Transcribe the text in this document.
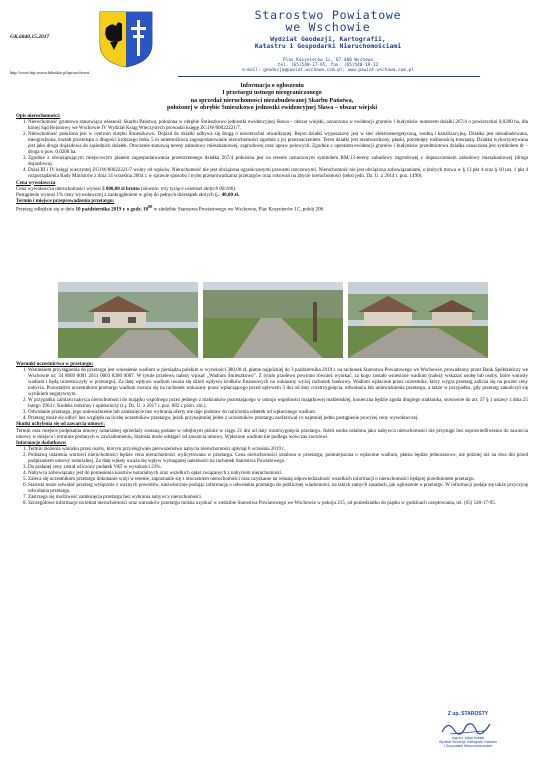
GK.6840.15.2017
http://www.bip.wsiwa.lubuskie.pl/sprawchowa/
Starostwo Powiatowe
we Wschowie
Wydział Geodezji, Kartografii,
Katastru i Gospodarki Nieruchomościami
Plac Kosynierów 1c, 67-400 Wschowa
tel. (65)540-17-95, fax. (65)540-19-32
e-mail: geodezja@powiat.wschowa.com.pl; www.powiat.wschowa.com.pl
Informacja o ogłoszeniu
I przetargu ustnego nieograniczonego
na sprzedaż nieruchomości niezabudowanej Skarbu Państwa,
położonej w obrębie Śmieszkowo jednostki ewidencyjnej Sława – obszar wiejski
Opis nieruchomości:
1. Nieruchomość gruntowa stanowiąca własność Skarbu Państwa, położona w obrębie Śmieszkowo jednostki ewidencyjnej Sława – obszar wiejski, oznaczona w ewidencji gruntów i budynków numerem działki 267/4 o powierzchni 0,0200 ha, dla której Sąd Rejonowy we Wschowie IV Wydział Ksiąg Wieczystych prowadzi księgę ZG1W/00022221/7.
2. Nieruchomość położona jest w centrum obrębu Śmieszkowo. Dojazd do działki odbywa się drogą o nawierzchni utwardzonej. Rejon działki wyposażony jest w sieć elektroenergetyczną, wodną i kanalizacyjną. Działka jest niezabudowana, nieogrodzona, kształt prostokąta o długości krótszego boku 5 m uniemożliwia zagospodarowanie nieruchomości zgodnie z jej przeznaczeniem. Teren działki jest nieutwardzony, płaski, porośnięty roślinnością trawiastą. Działka wykorzystywana jest jako droga dojazdowa do sąsiednich działek. Otoczenie stanowią tereny zabudowy mieszkaniowej, zagrodowej oraz upraw polowych. Zgodnie z operatem ewidencji gruntów i budynków przedmiotowa działka oznaczona jest symbolem dr – droga o pow. 0,0200 ha.
3. Zgodnie z obowiązującym miejscowym planem zagospodarowania przestrzennego działka 267/4 położona jest na terenie oznaczonym symbolem RM/13-tereny zabudowy zagrodowej z dopuszczeniem zabudowy mieszkaniowej (droga dojazdowa).
4. Dział III i IV księgi wieczystej ZG1W/00022221/7 wolny od wpisów. Nieruchomość nie jest obciążona ograniczonymi prawami rzeczowymi. Nieruchomość nie jest obciążona zobowiązaniami, o których mowa w § 13 pkt 4 oraz § 10 ust. 1 pkt 4 rozporządzenia Rady Ministrów z dnia 14 września 2004 r. w sprawie sposobu i trybu przeprowadzania przetargów oraz rokowań na zbycie nieruchomości (tekst jedn. Dz. U. z 2014 r. poz. 1490).
Cena wywoławcza

Cena wywoławcza nieruchomości wynosi 3 800,00 zł brutto (słownie: trzy tysiące osiemset złotych 00/100).

Postąpienie wynosi 1% ceny wywoławczej z zaokrągleniem w górę do pełnych dziesiątek złotych tj.: 40,00 zł.

Termin i miejsce przeprowadzenia przetargu:

Przetarg odbędzie się w dniu 10 października 2019 r. o godz. $10^{00}$ w siedzibie Starostwa Powiatowego we Wschowie, Plac Kosynierów 1C, pokój 206.

Warunki uczestnictwa w przetargu:
1. Warunkiem przystąpienia do przetargu jest wniesienie wadium w pieniądzu polskim w wysokości 380,00 zł, płatne najpóźniej do 3 października 2019 r. na rachunek Starostwa Powiatowego we Wschowie, prowadzony przez Bank Spółdzielczy we Wschowie nr: 34 8669 0001 2011 0003 8380 0007. W tytule przelewu należy wpisać „Wadium Śmieszkowo”. Z tytułu przelewu powinno również wynikać, za kogo zostało wniesione wadium (należy wskazać osobę lub osoby, które wniosły wadium i będą uczestniczyły w przetargu). Za datę wpływu wadium uważa się dzień wpływu środków finansowych na wskazany wyżej rachunek bankowy. Wadium wpłacone przez uczestnika, który wygra przetarg zalicza się na poczet ceny nabycia. Pozostałym uczestnikom przetargu wadium zwraca się na rachunek wskazany przez wpłacającego przed upływem 3 dni od daty rozstrzygnięcia, odwołania lub unieważnienia przetargu, a także w przypadku, gdy przetarg zakończył się wynikiem negatywnym.
2. W przypadku zamiaru nabycia nieruchomości do majątku wspólnego przez jednego z małżonków pozostającego w ustroju wspólności majątkowej małżeńskiej, konieczna będzie zgoda drugiego małżonka, stosownie do art. 37 § 1 ustawy z dnia 25 lutego 1964 r. Kodeks rodzinny i opiekuńczy (t.j. Dz. U. z 2017 r. poz. 682 z późn. zm.).
3. Odwołanie przetargu, jego unieważnienie lub zamknięcie bez wybrania oferty nie daje podstaw do naliczenia odsetek od wpłaconego wadium.
4. Przetarg może się odbyć bez względu na liczbę uczestników przetargu, jeżeli przynajmniej jeden z uczestników przetargu zaoferował co najmniej jedno postąpienie powyżej ceny wywoławczej.
Skutki uchylenia się od zawarcia umowy:

Termin oraz miejsce podpisania umowy notarialnej sprzedaży zostaną podane w odrębnym piśmie w ciągu 21 dni od daty rozstrzygnięcia przetargu. Jeżeli osoba ustalona jako nabywca nieruchomości nie przystąpi bez usprawiedliwienia do zawarcia umowy w miejscu i terminie podanych w zawiadomieniu, Starosta może odstąpić od zawarcia umowy. Wpłacone wadium nie podlega wówczas zwrotowi.

Informacje dodatkowe:
1. Termin złożenia wniosku przez osoby, którym przysługiwało pierwszeństwo nabycia nieruchomości upłynął 6 września 2019 r.
2. Podstawą ustalenia wartości nieruchomości będzie cena nieruchomości wylicytowana w przetargu. Cena nieruchomości ustalona w przetargu, pomniejszona o wpłacone wadium, płatna będzie jednorazowo, nie później niż na dwa dni przed podpisaniem umowy notarialnej. Za datę wpłaty uważa się wpływ wymaganej należności na rachunek Starostwa Powiatowego.
3. Do podanej ceny został wliczony podatek VAT w wysokości 23%.
4. Nabywca zobowiązany jest do poniesienia kosztów notarialnych oraz wszelkich opłat związanych z nabyciem nieruchomości.
5. Zaleca się uczestnikom przetargu dokonanie wizji w terenie, zapoznanie się z otoczeniem nieruchomości oraz uzyskanie na własną odpowiedzialność wszelkich informacji o nieruchomości będącej przedmiotem przetargu.
6. Starosta może odwołać przetarg wyłącznie z ważnych powodów, niezwłocznie podając informację o odwołaniu przetargu do publicznej wiadomości, na takich samych zasadach, jak ogłoszenie o przetargu. W informacji podaje się także przyczynę odwołania przetargu.
7. Zastrzega się możliwość zamknięcia przetargu bez wybrania nabywcy nieruchomości.
8. Szczegółowe informacje na temat nieruchomości oraz warunków przetargu można uzyskać w siedzibie Starostwa Powiatowego we Wschowie w pokoju 215, od poniedziałku do piątku w godzinach urzędowania, tel. (65) 540-17-95.
Z up. STAROSTY
mgr inż. Alicja Kubiak
Wydział Geodezji, Kartografii, Katastru
i Gospodarki Nieruchomościami
